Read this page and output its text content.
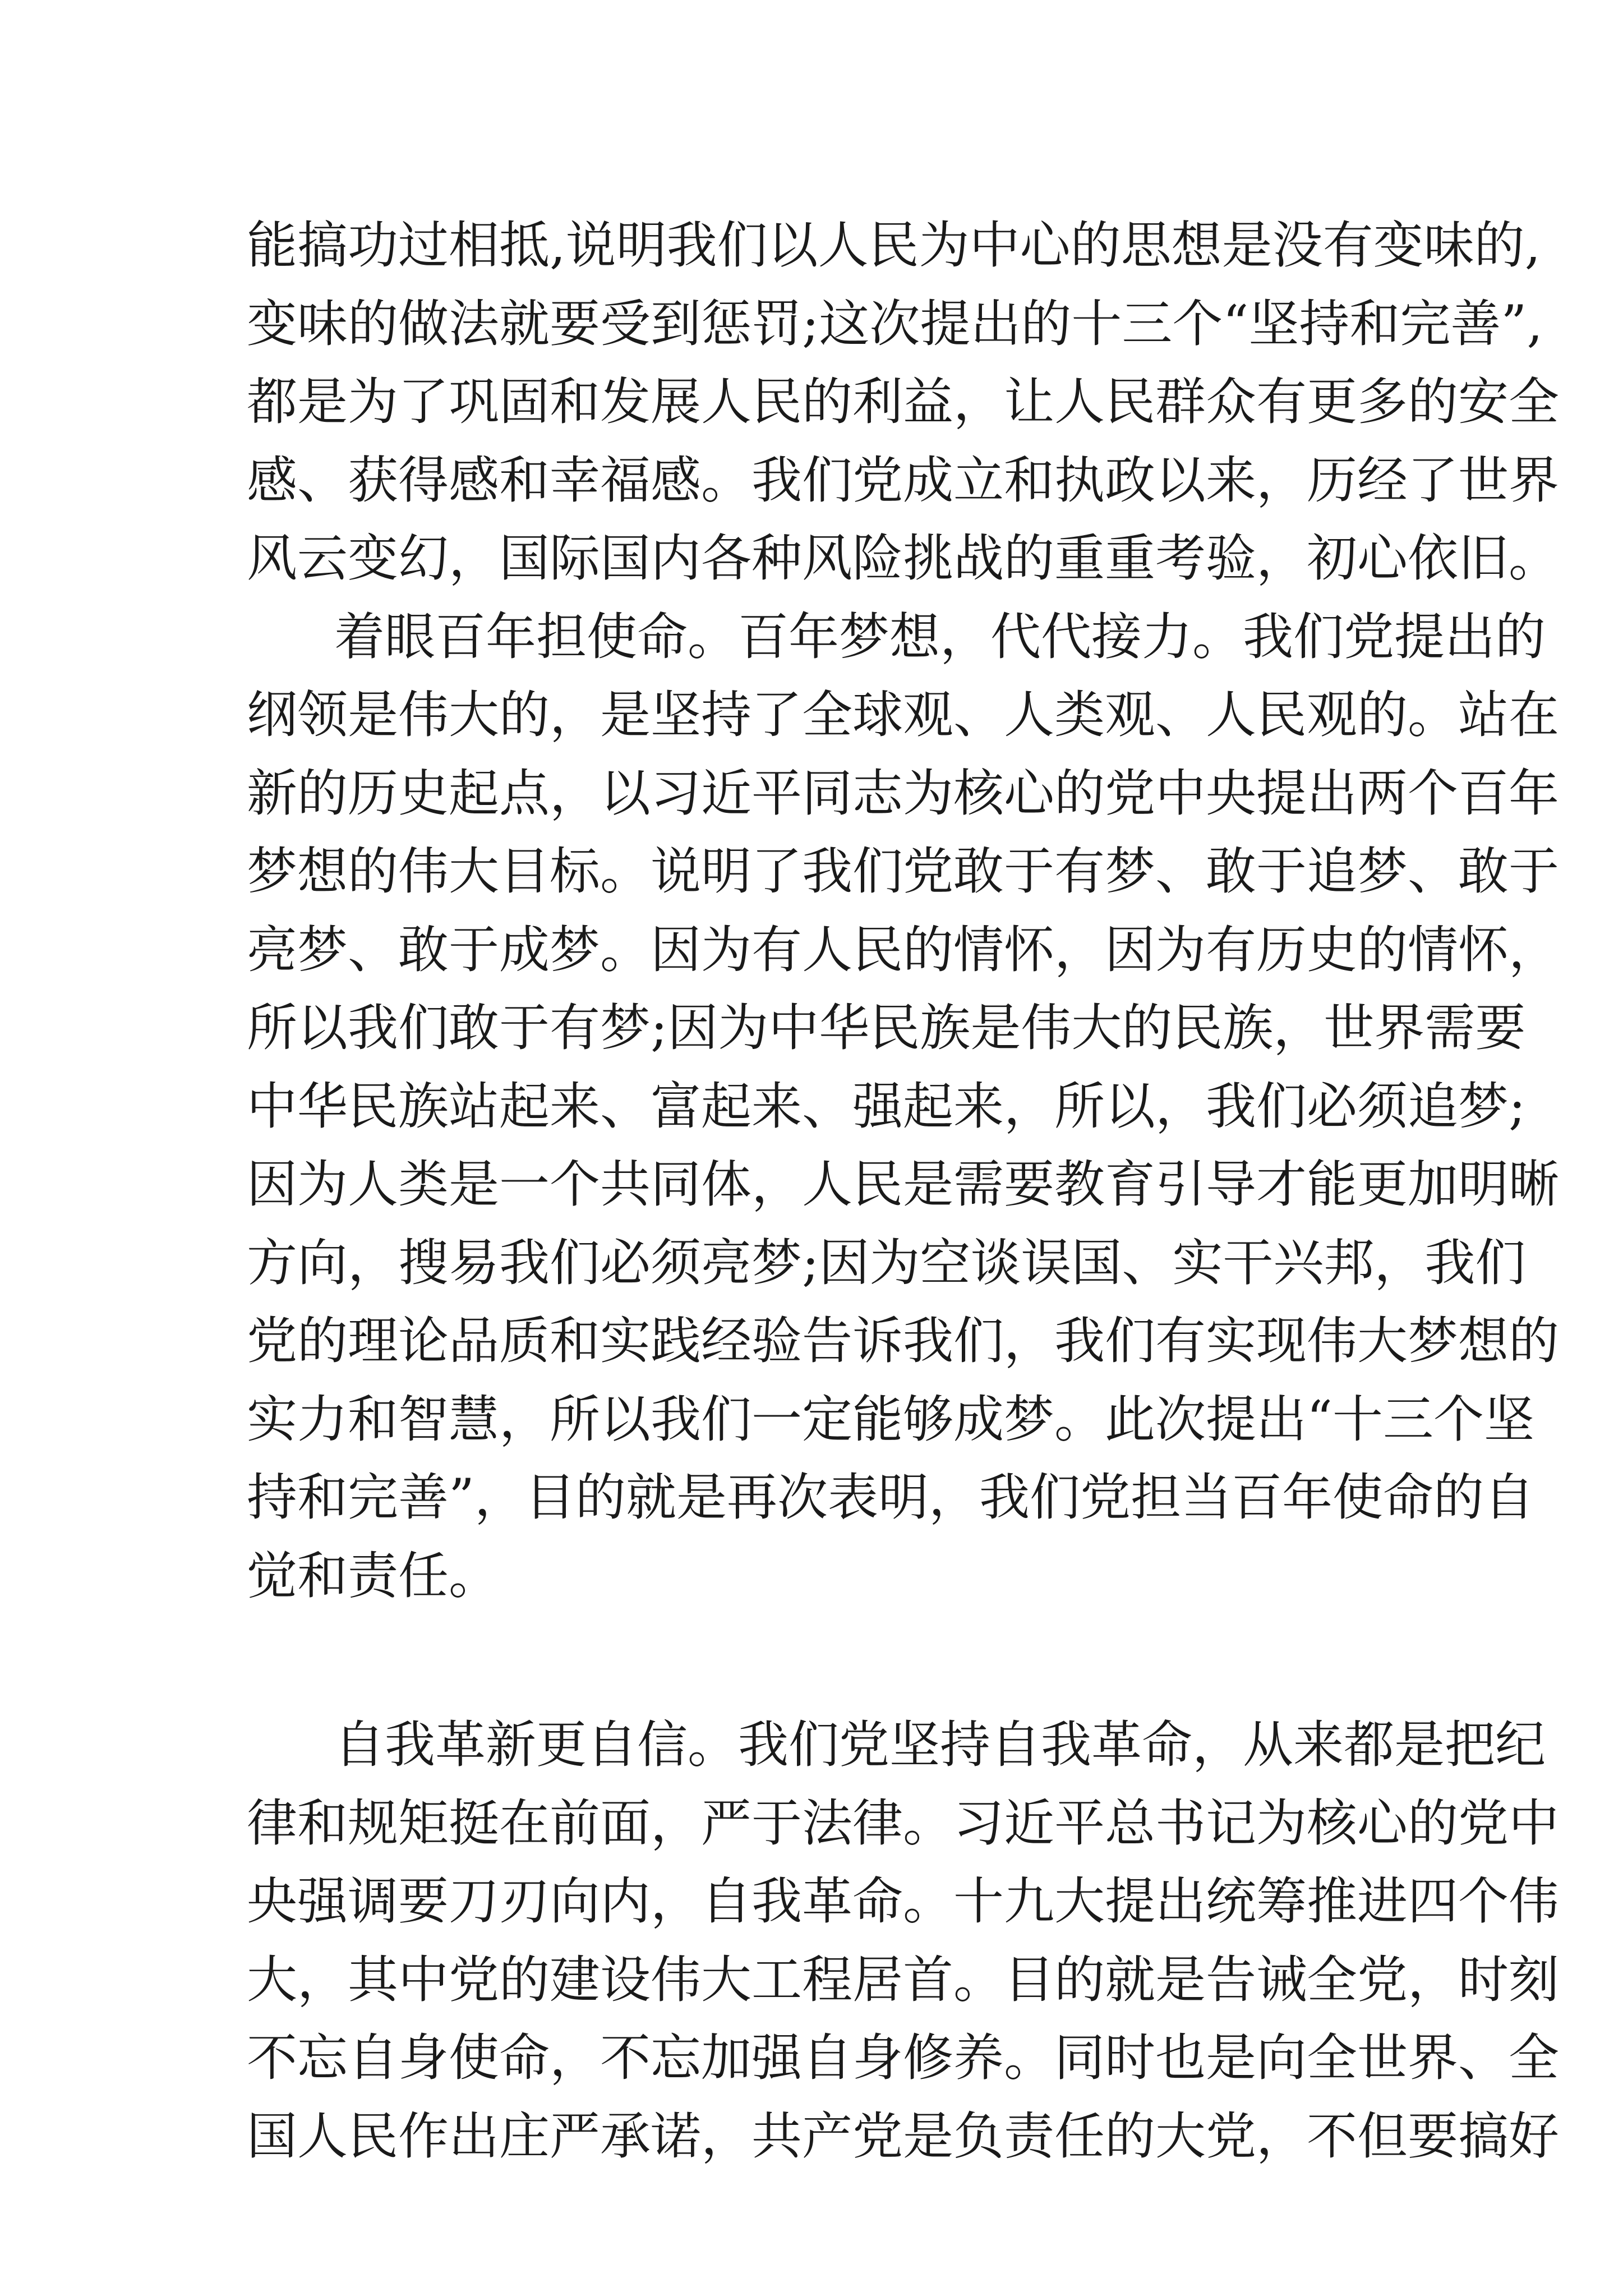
能搞功过相抵,说明我们以人民为中心的思想是没有变味的,
变味的做法就要受到惩罚;这次提出的十三个“坚持和完善”,
都是为了巩固和发展人民的利益，让人民群众有更多的安全
感、获得感和幸福感。我们党成立和执政以来，历经了世界
风云变幻，国际国内各种风险挑战的重重考验，初心依旧。
着眼百年担使命。百年梦想，代代接力。我们党提出的
纲领是伟大的，是坚持了全球观、人类观、人民观的。站在
新的历史起点，以习近平同志为核心的党中央提出两个百年
梦想的伟大目标。说明了我们党敢于有梦、敢于追梦、敢于
亮梦、敢于成梦。因为有人民的情怀，因为有历史的情怀，
所以我们敢于有梦;因为中华民族是伟大的民族，世界需要
中华民族站起来、富起来、强起来，所以，我们必须追梦;
因为人类是一个共同体，人民是需要教育引导才能更加明晰
方向，搜易我们必须亮梦;因为空谈误国、实干兴邦，我们
党的理论品质和实践经验告诉我们，我们有实现伟大梦想的
实力和智慧，所以我们一定能够成梦。此次提出“十三个坚
持和完善”，目的就是再次表明，我们党担当百年使命的自
觉和责任。
自我革新更自信。我们党坚持自我革命，从来都是把纪
律和规矩挺在前面，严于法律。习近平总书记为核心的党中
央强调要刀刃向内，自我革命。十九大提出统筹推进四个伟
大，其中党的建设伟大工程居首。目的就是告诫全党，时刻
不忘自身使命，不忘加强自身修养。同时也是向全世界、全
国人民作出庄严承诺，共产党是负责任的大党，不但要搞好
